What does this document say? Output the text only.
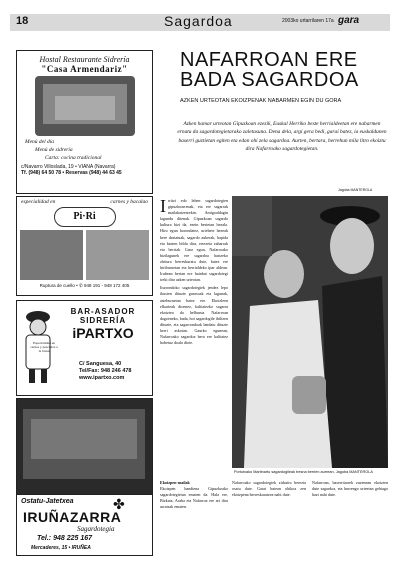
18	Sagardoa	2003ko urtarrilaren 17a gara
Hostal Restaurante Sidrería
"Casa Armendariz"
Menú del día
Menú de sidrería
Carta: cocina tradicional
c/Navarro Villoslada, 19 • VIANA (Navarra)
Tf. (948) 64 50 78 • Reservas (948) 44 63 45
especialidad en	carnes y bacalao
Pi·Ri
Ruptura de cuello • ✆ 948 191 - 948 172 405
BAR-ASADOR
SIDRERÍA
iPARTXO
Especialidad en carnes y pescados a la brasa
C/ Sanguesa, 40
Tel/Fax: 948 246 478
www.ipartxo.com
Ostatu-Jatetxea	✤
IRUÑAZARRA
Sagardotegia
Tel.: 948 225 167
Mercaderes, 15 • IRUÑEA
NAFARROAN ERE
BADA SAGARDOA
AZKEN URTEOTAN EKOIZPENAK NABARMEN EGIN DU GORA
Azken hamar urteotan Gipuzkoan ezezik, Euskal Herriko beste herrialdeetan ere nabarmen ernatu da sagardotegietarako zaletasuna. Dena dela, argi gera bedi, garai batez, ia euskaldunen baserri guztietan egiten eta edan ohi zela sagardoa. Aurten, bertara, herrehun mila litro ekoiztu dira Nafarroako sagardotegietan.
Jagoba MANTEROLA
Irritzi edo lehen sagardotegien gipuzkoarrenak, eta ere sagarrak mailakatzearekin. Antigoaldagin lagundu ditenak. Gipuzkoan sagardo kultura bizi da, ezein bestetan bezala. Hiru egun borondatez, urtebete hezeak bere dastatuak, sagardo aukerak, bapida eta batzen bildu dira, errezeta zaharrak eta berriak. Gaur egun, Nafarroako bizilagunek ere sagardoa hartzeko ohitura berreskuratu dute, batez ere hiriburuetan eta herrialdeko ipar aldean. Iruñean bertan ere hainbat sagardotegi ireki dira azken urteotan.

Iturrondoko sagardotegiek jendez lepo ikusten dituzte gurasoak eta lagunak, asteburuetan batez ere. Ekoizleen elkarteak dioenez, kalitatezko sagarra ekoiztea da helburua. Nafarroan dagoeneko, bada, hoi sagardogile ibiltzen dituzte, eta sagarrondoak landatu dituzte herri askotan. Gaurko egunean, Nafarroako sagardoa bera ere kalitatez hobetuz doala diote.

Portutxako Martinartu sagardogileak tresna berrien aurrean. Jagoba MANTEROLA
Ekoizpen-mailak
Ekoizpen handiena Gipuzkoako sagardotegietan ematen da. Hala ere, Bizkaia, Araba eta Nafarroa ere ari dira urratsak ematen.
Nafarroako sagardotegiek zirkuitu berezia osatu dute. Garai batean ohikoa zen ekoizpena berreskuratzea nahi dute.
Nafarroan, baserritarrek zuzenean ekoizten dute sagardoa, eta hurrengo urteetan gehiago hazi nahi dute.
